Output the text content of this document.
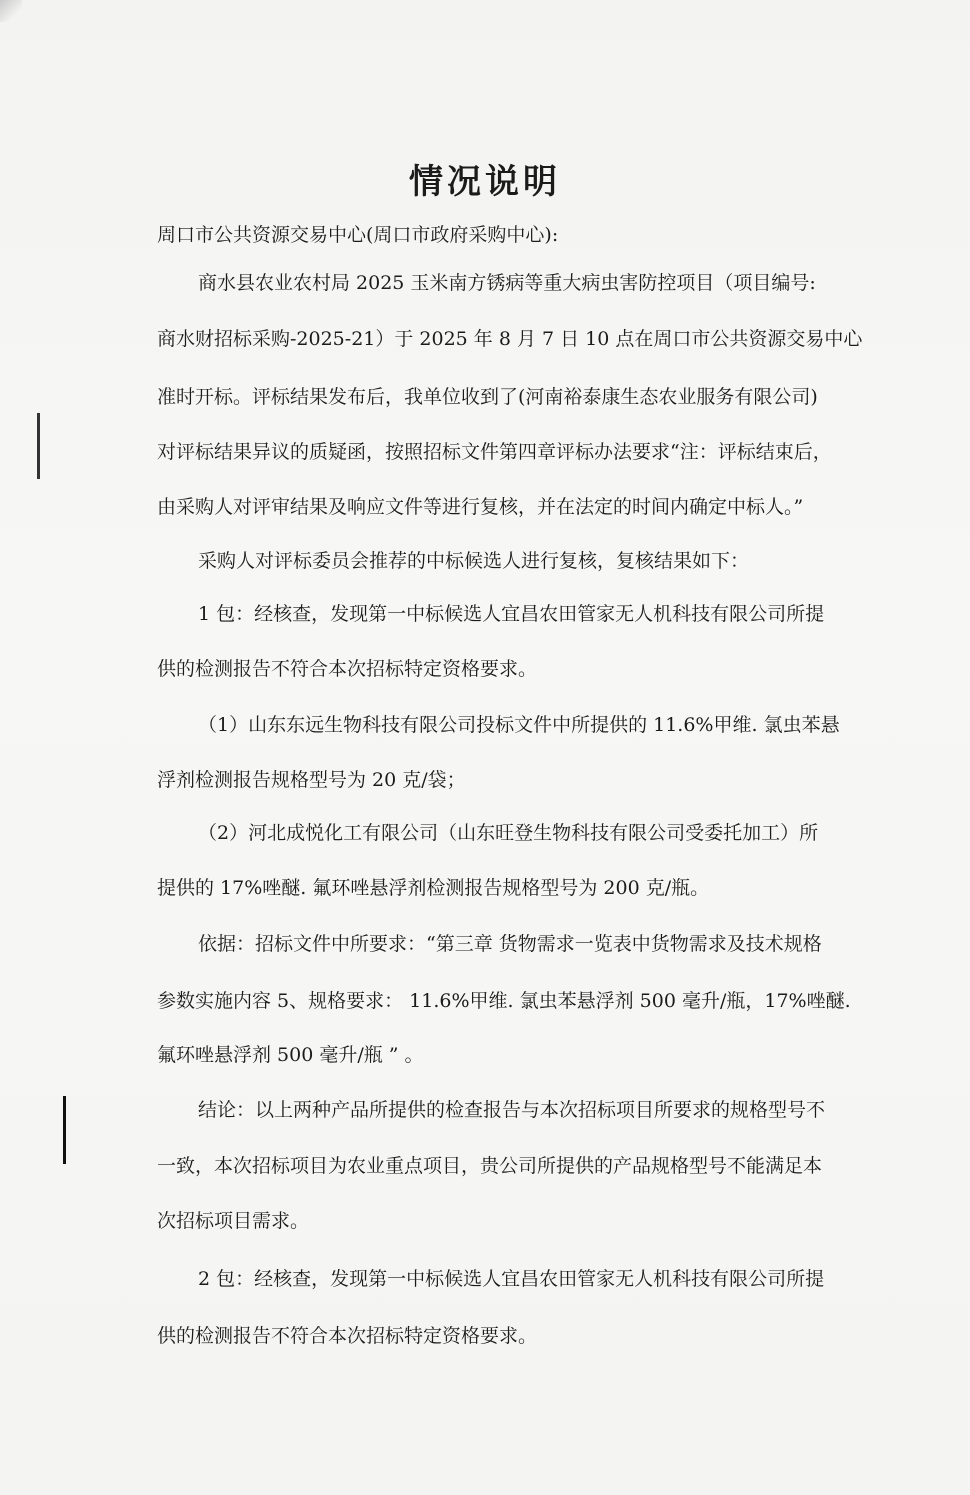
情况说明
周口市公共资源交易中心(周口市政府采购中心):
商水县农业农村局 2025 玉米南方锈病等重大病虫害防控项目（项目编号:
商水财招标采购-2025-21）于 2025 年 8 月 7 日 10 点在周口市公共资源交易中心
准时开标。评标结果发布后，我单位收到了(河南裕泰康生态农业服务有限公司)
对评标结果异议的质疑函，按照招标文件第四章评标办法要求“注：评标结束后，
由采购人对评审结果及响应文件等进行复核，并在法定的时间内确定中标人。”
采购人对评标委员会推荐的中标候选人进行复核，复核结果如下：
1 包：经核查，发现第一中标候选人宜昌农田管家无人机科技有限公司所提
供的检测报告不符合本次招标特定资格要求。
（1）山东东远生物科技有限公司投标文件中所提供的 11.6%甲维. 氯虫苯悬
浮剂检测报告规格型号为 20 克/袋；
（2）河北成悦化工有限公司（山东旺登生物科技有限公司受委托加工）所
提供的 17%唑醚. 氟环唑悬浮剂检测报告规格型号为 200 克/瓶。
依据：招标文件中所要求：“第三章 货物需求一览表中货物需求及技术规格
参数实施内容 5、规格要求： 11.6%甲维. 氯虫苯悬浮剂 500 毫升/瓶，17%唑醚.
氟环唑悬浮剂 500 毫升/瓶 ” 。
结论：以上两种产品所提供的检查报告与本次招标项目所要求的规格型号不
一致，本次招标项目为农业重点项目，贵公司所提供的产品规格型号不能满足本
次招标项目需求。
2 包：经核查，发现第一中标候选人宜昌农田管家无人机科技有限公司所提
供的检测报告不符合本次招标特定资格要求。
